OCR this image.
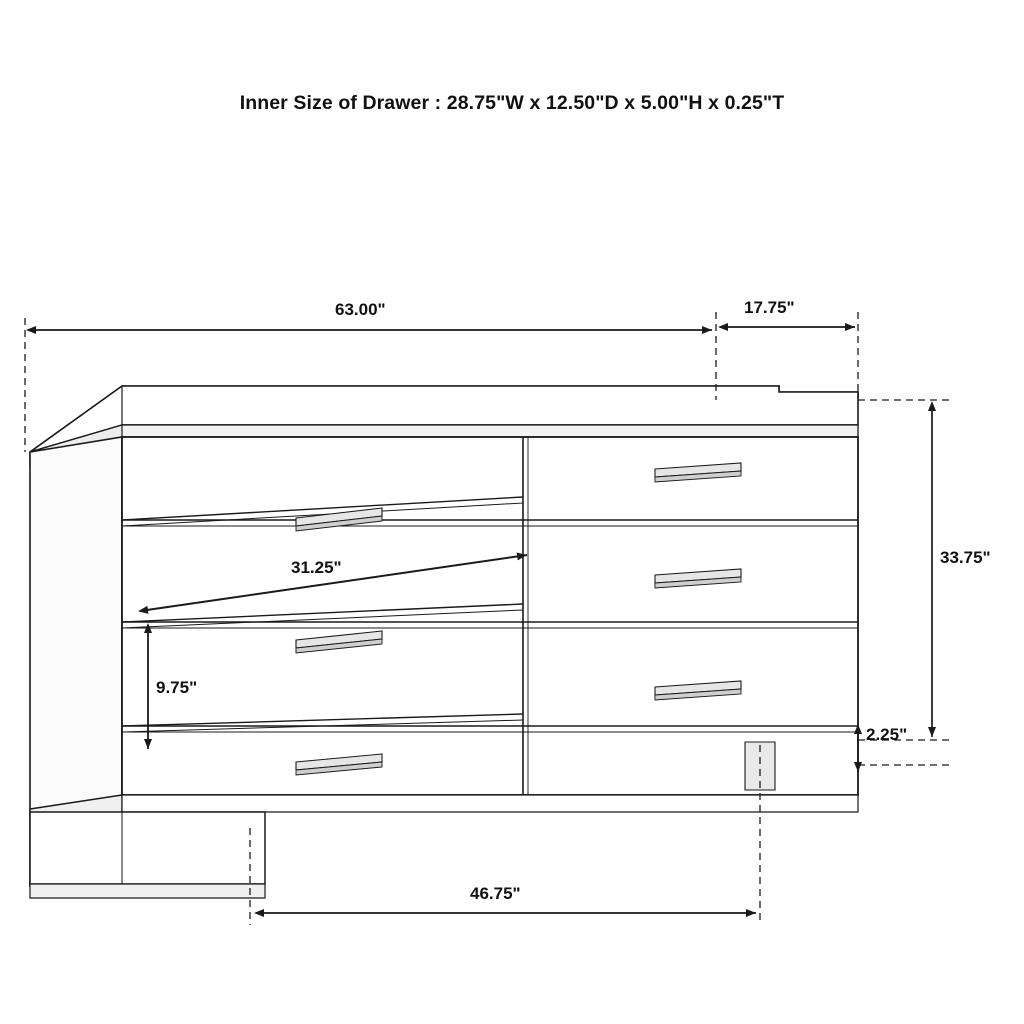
Inner Size of Drawer : 28.75"W x 12.50"D x 5.00"H x 0.25"T
63.00"	17.75"
33.75"
2.25"
31.25"
9.75"
46.75"
